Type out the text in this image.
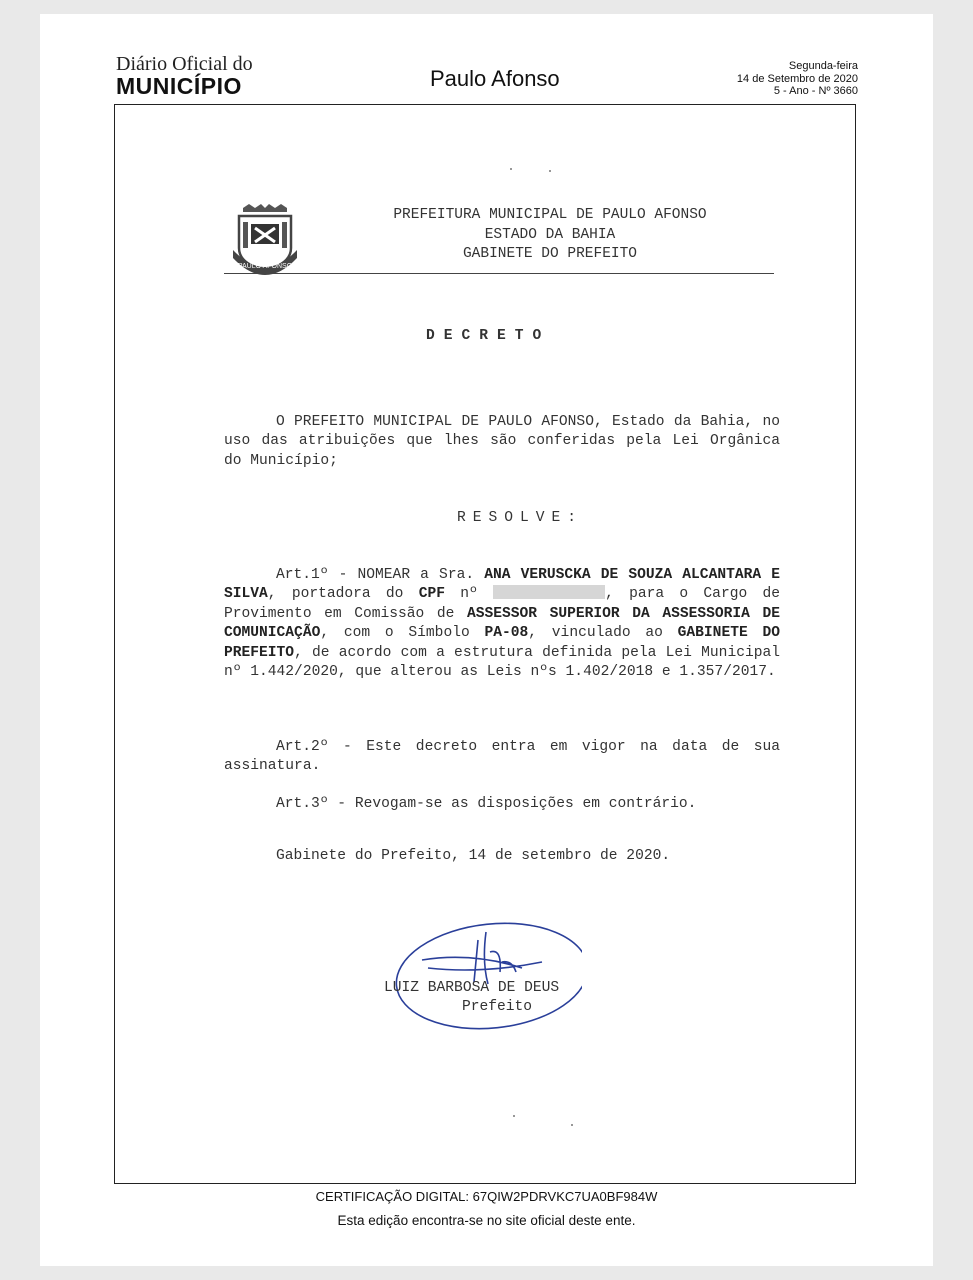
Diário Oficial do
MUNICÍPIO	Paulo Afonso	Segunda-feira
14 de Setembro de 2020
5 - Ano - Nº 3660
PAULO AFONSO
PREFEITURA MUNICIPAL DE PAULO AFONSO
ESTADO DA BAHIA
GABINETE DO PREFEITO
DECRETO
O PREFEITO MUNICIPAL DE PAULO AFONSO, Estado da Bahia, no uso das atribuições que lhes são conferidas pela Lei Orgânica do Município;
RESOLVE:
Art.1º - NOMEAR a Sra. ANA VERUSCKA DE SOUZA ALCANTARA E SILVA, portadora do CPF nº	, para o Cargo de Provimento em Comissão de ASSESSOR SUPERIOR DA ASSESSORIA DE COMUNICAÇÃO, com o Símbolo PA-08, vinculado ao GABINETE DO PREFEITO, de acordo com a estrutura definida pela Lei Municipal nº 1.442/2020, que alterou as Leis nºs 1.402/2018 e 1.357/2017.
Art.2º - Este decreto entra em vigor na data de sua assinatura.
Art.3º - Revogam-se as disposições em contrário.
Gabinete do Prefeito, 14 de setembro de 2020.
LUIZ BARBOSA DE DEUS
Prefeito
CERTIFICAÇÃO DIGITAL: 67QIW2PDRVKC7UA0BF984W
Esta edição encontra-se no site oficial deste ente.
